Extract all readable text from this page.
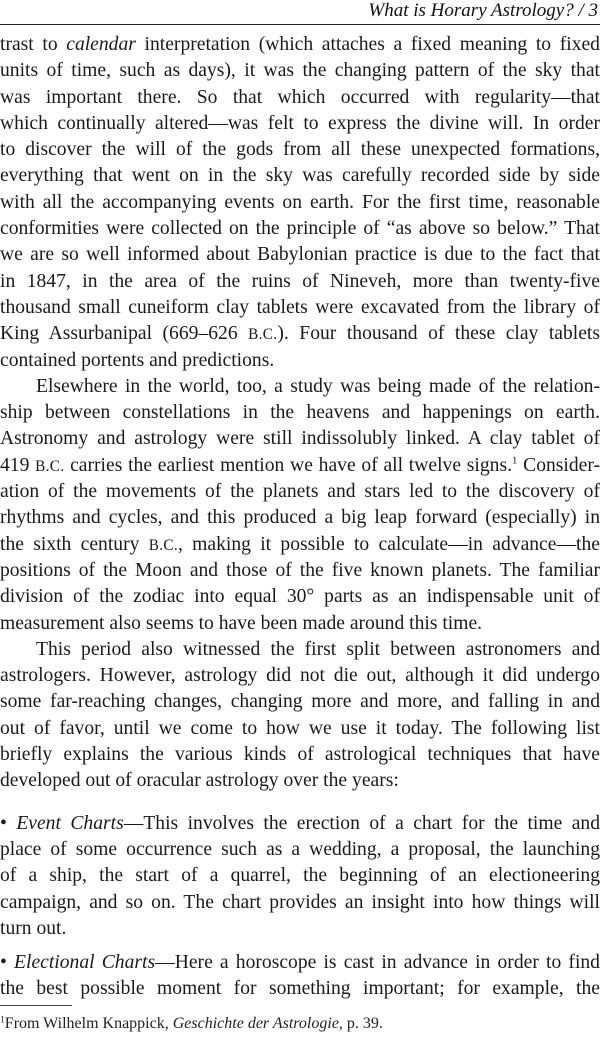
What is Horary Astrology? / 3
trast to calendar interpretation (which attaches a fixed meaning to fixed
units of time, such as days), it was the changing pattern of the sky that
was important there. So that which occurred with regularity—that
which continually altered—was felt to express the divine will. In order
to discover the will of the gods from all these unexpected formations,
everything that went on in the sky was carefully recorded side by side
with all the accompanying events on earth. For the first time, reasonable
conformities were collected on the principle of “as above so below.” That
we are so well informed about Babylonian practice is due to the fact that
in 1847, in the area of the ruins of Nineveh, more than twenty-five
thousand small cuneiform clay tablets were excavated from the library of
King Assurbanipal (669–626 B.C.). Four thousand of these clay tablets
contained portents and predictions.
Elsewhere in the world, too, a study was being made of the relation-
ship between constellations in the heavens and happenings on earth.
Astronomy and astrology were still indissolubly linked. A clay tablet of
419 B.C. carries the earliest mention we have of all twelve signs.$^1$ Consider-
ation of the movements of the planets and stars led to the discovery of
rhythms and cycles, and this produced a big leap forward (especially) in
the sixth century B.C., making it possible to calculate—in advance—the
positions of the Moon and those of the five known planets. The familiar
division of the zodiac into equal 30° parts as an indispensable unit of
measurement also seems to have been made around this time.
This period also witnessed the first split between astronomers and
astrologers. However, astrology did not die out, although it did undergo
some far-reaching changes, changing more and more, and falling in and
out of favor, until we come to how we use it today. The following list
briefly explains the various kinds of astrological techniques that have
developed out of oracular astrology over the years:
• Event Charts—This involves the erection of a chart for the time and
place of some occurrence such as a wedding, a proposal, the launching
of a ship, the start of a quarrel, the beginning of an electioneering
campaign, and so on. The chart provides an insight into how things will
turn out.
• Electional Charts—Here a horoscope is cast in advance in order to find
the best possible moment for something important; for example, the
$^1$From Wilhelm Knappick, Geschichte der Astrologie, p. 39.
